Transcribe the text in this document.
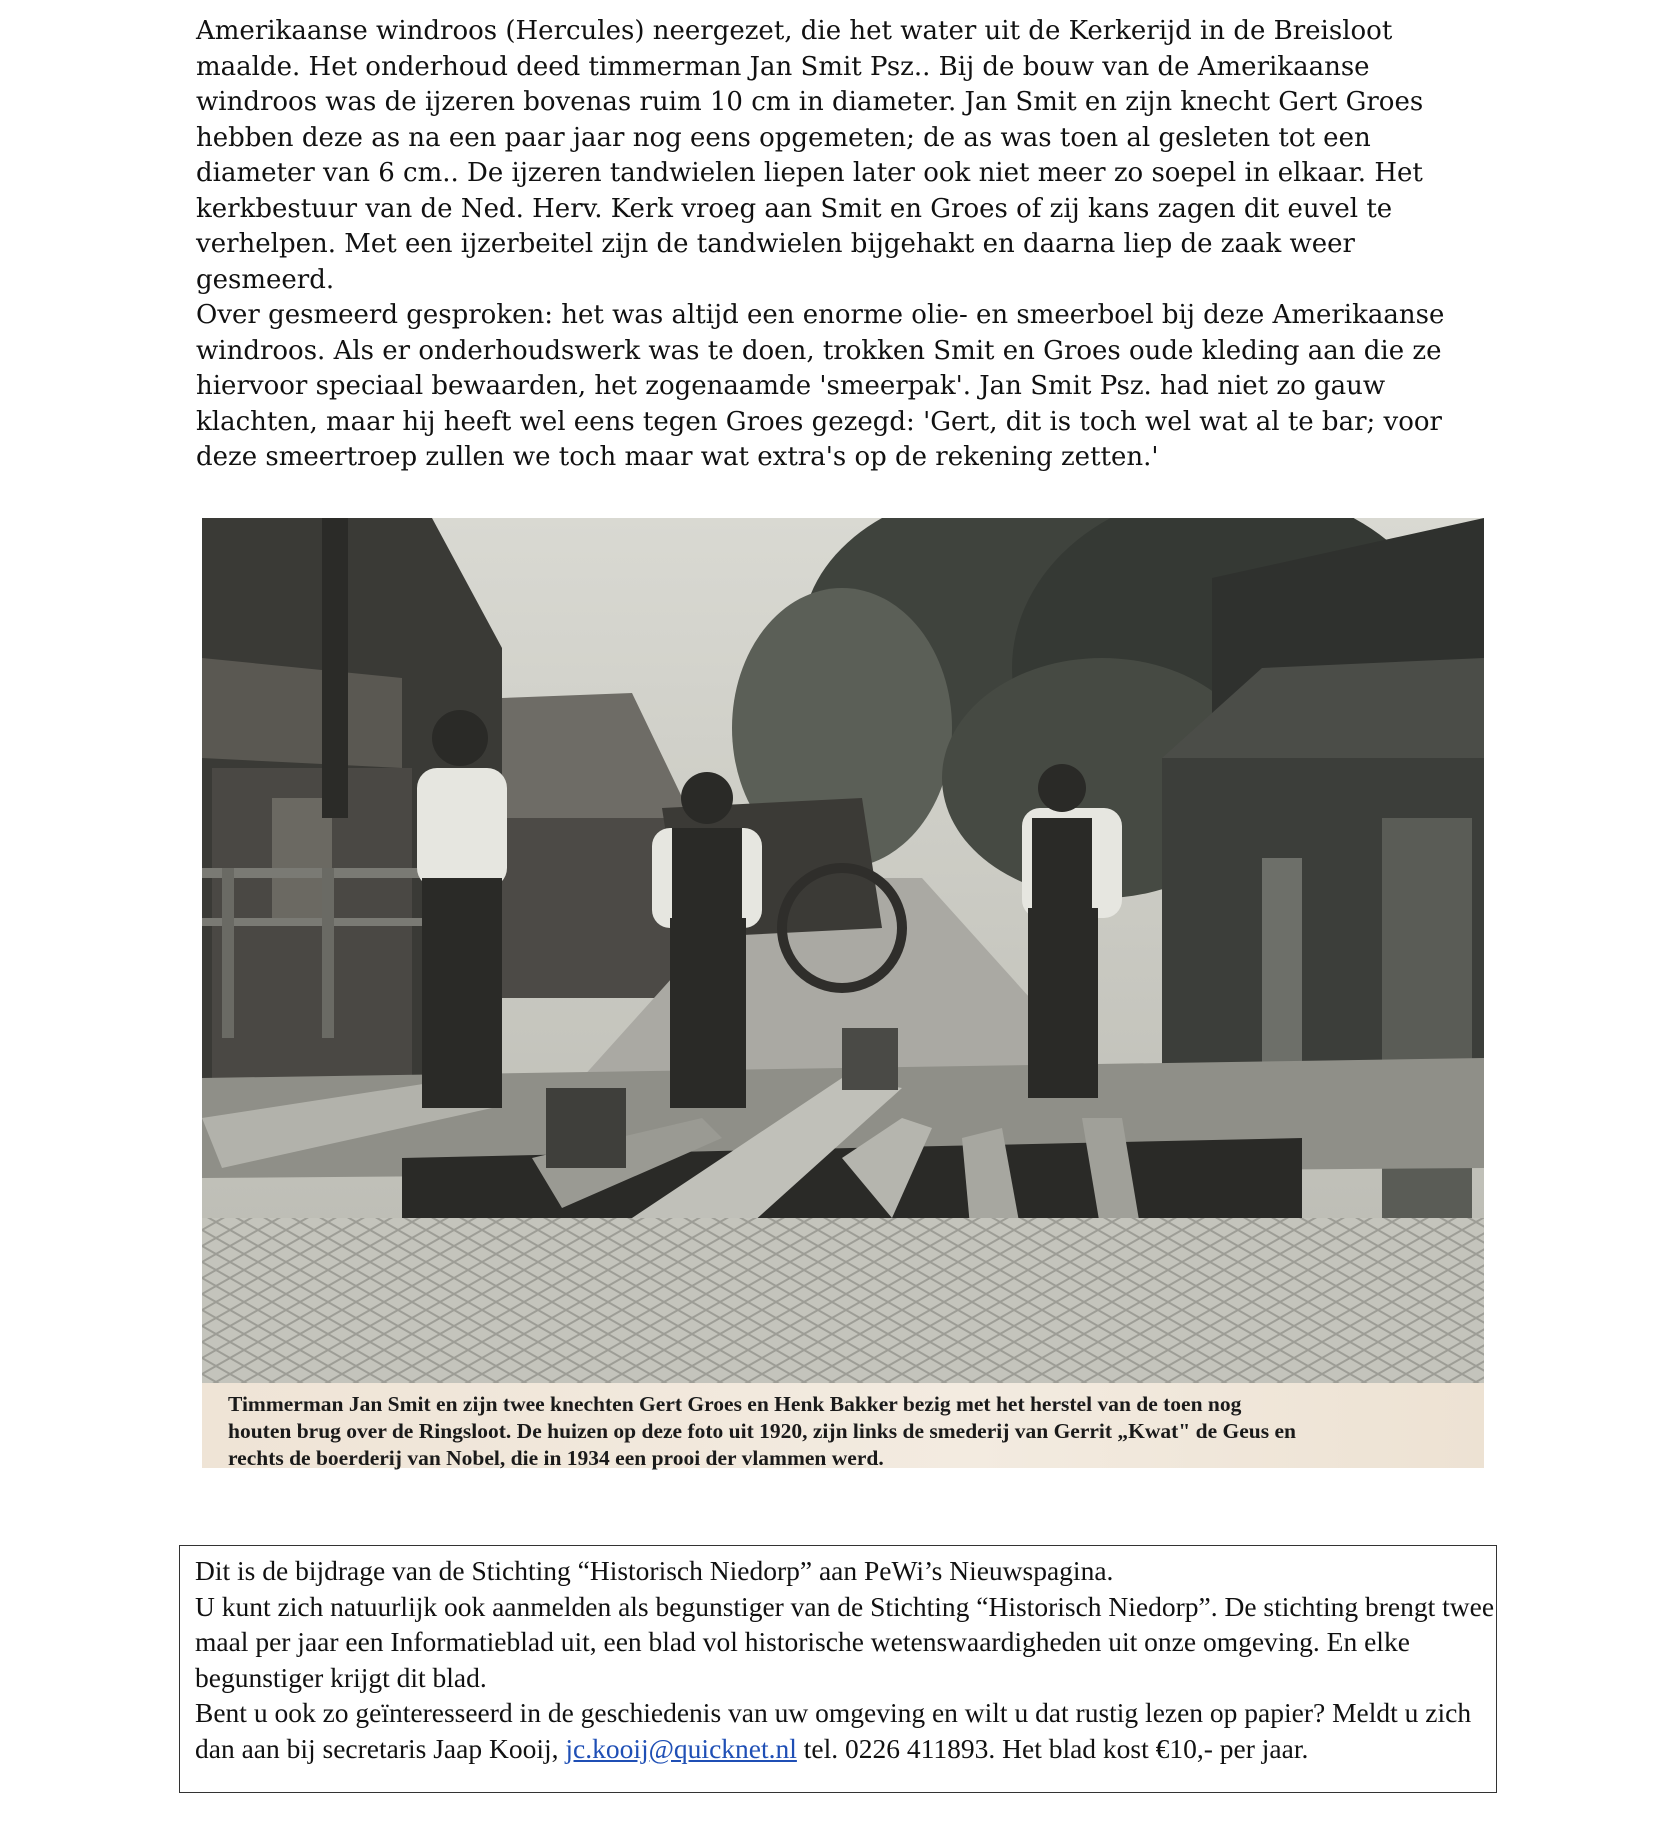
Amerikaanse windroos (Hercules) neergezet, die het water uit de Kerkerijd in de Breisloot maalde. Het onderhoud deed timmerman Jan Smit Psz.. Bij de bouw van de Amerikaanse windroos was de ijzeren bovenas ruim 10 cm in diameter. Jan Smit en zijn knecht Gert Groes hebben deze as na een paar jaar nog eens opgemeten; de as was toen al gesleten tot een diameter van 6 cm.. De ijzeren tandwielen liepen later ook niet meer zo soepel in elkaar. Het kerkbestuur van de Ned. Herv. Kerk vroeg aan Smit en Groes of zij kans zagen dit euvel te verhelpen. Met een ijzerbeitel zijn de tandwielen bijgehakt en daarna liep de zaak weer gesmeerd.

Over gesmeerd gesproken: het was altijd een enorme olie- en smeerboel bij deze Amerikaanse windroos. Als er onderhoudswerk was te doen, trokken Smit en Groes oude kleding aan die ze hiervoor speciaal bewaarden, het zogenaamde 'smeerpak'. Jan Smit Psz. had niet zo gauw klachten, maar hij heeft wel eens tegen Groes gezegd: 'Gert, dit is toch wel wat al te bar; voor deze smeertroep zullen we toch maar wat extra's op de rekening zetten.'

Timmerman Jan Smit en zijn twee knechten Gert Groes en Henk Bakker bezig met het herstel van de toen nog houten brug over de Ringsloot. De huizen op deze foto uit 1920, zijn links de smederij van Gerrit „Kwat" de Geus en rechts de boerderij van Nobel, die in 1934 een prooi der vlammen werd.

Dit is de bijdrage van de Stichting “Historisch Niedorp” aan PeWi’s Nieuwspagina.

U kunt zich natuurlijk ook aanmelden als begunstiger van de Stichting “Historisch Niedorp”. De stichting brengt twee maal per jaar een Informatieblad uit, een blad vol historische wetenswaardigheden uit onze omgeving. En elke begunstiger krijgt dit blad.

Bent u ook zo geïnteresseerd in de geschiedenis van uw omgeving en wilt u dat rustig lezen op papier? Meldt u zich dan aan bij secretaris Jaap Kooij, jc.kooij@quicknet.nl tel. 0226 411893. Het blad kost €10,- per jaar.
